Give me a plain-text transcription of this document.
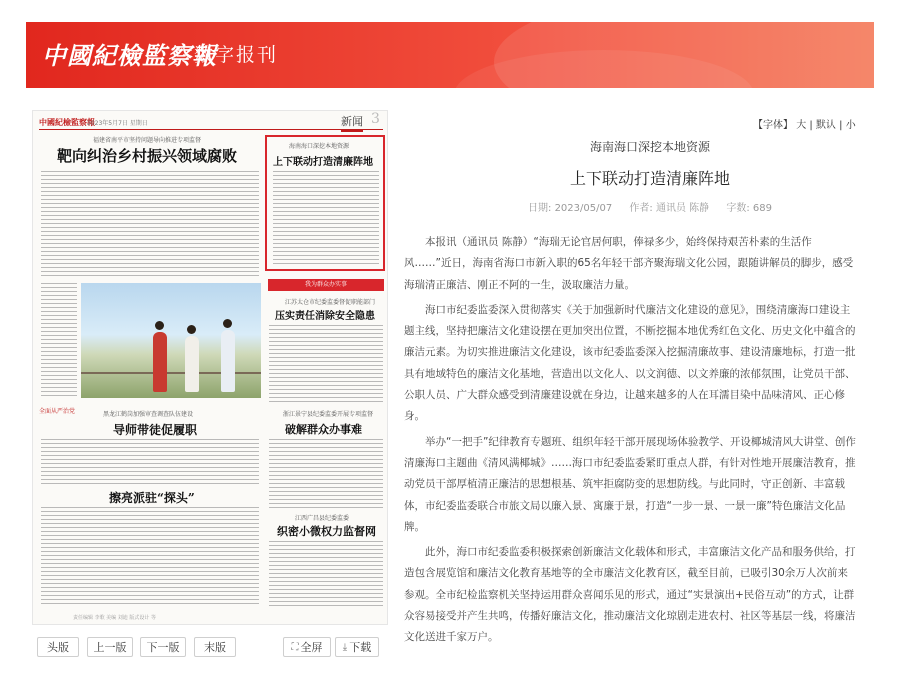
中國紀檢監察報
数字报刊
中國紀檢監察報
2023年5月7日 星期日	新闻 3
福建省南平市坚持问题导向推进专项监督
靶向纠治乡村振兴领域腐败
海南海口深挖本地资源
上下联动打造清廉阵地
我为群众办实事
江苏太仓市纪委监委督促职能部门
压实责任消除安全隐患
全面从严治党	黑龙江鹤岗加强审查调查队伍建设
导师带徒促履职
浙江景宁县纪委监委开展专项监督
破解群众办事难
擦亮派驻“探头”
江西广昌县纪委监委
织密小微权力监督网
责任编辑 李歌 美编 刘迪 版式设计 等
头版	上一版	下一版	末版	⛶ 全屏 ⤓ 下载
【字体】 大 | 默认 | 小
海南海口深挖本地资源
上下联动打造清廉阵地
日期: 2023/05/07 作者: 通讯员 陈静 字数: 689

本报讯（通讯员 陈静）“海瑞无论官居何职，俸禄多少，始终保持艰苦朴素的生活作风……”近日，海南省海口市新入职的65名年轻干部齐聚海瑞文化公园，跟随讲解员的脚步，感受海瑞清正廉洁、刚正不阿的一生，汲取廉洁力量。

海口市纪委监委深入贯彻落实《关于加强新时代廉洁文化建设的意见》，围绕清廉海口建设主题主线，坚持把廉洁文化建设摆在更加突出位置，不断挖掘本地优秀红色文化、历史文化中蕴含的廉洁元素。为切实推进廉洁文化建设，该市纪委监委深入挖掘清廉故事、建设清廉地标，打造一批具有地域特色的廉洁文化基地，营造出以文化人、以文润德、以文养廉的浓郁氛围，让党员干部、公职人员、广大群众感受到清廉建设就在身边，让越来越多的人在耳濡目染中品味清风、正心修身。

举办“一把手”纪律教育专题班、组织年轻干部开展现场体验教学、开设椰城清风大讲堂、创作清廉海口主题曲《清风满椰城》……海口市纪委监委紧盯重点人群，有针对性地开展廉洁教育，推动党员干部厚植清正廉洁的思想根基、筑牢拒腐防变的思想防线。与此同时，守正创新、丰富载体，市纪委监委联合市旅文局以廉入景、寓廉于景，打造“一步一景、一景一廉”特色廉洁文化品牌。

此外，海口市纪委监委积极探索创新廉洁文化载体和形式，丰富廉洁文化产品和服务供给，打造包含展览馆和廉洁文化教育基地等的全市廉洁文化教育区，截至目前，已吸引30余万人次前来参观。全市纪检监察机关坚持运用群众喜闻乐见的形式，通过“实景演出+民俗互动”的方式，让群众容易接受并产生共鸣，传播好廉洁文化，推动廉洁文化琼剧走进农村、社区等基层一线，将廉洁文化送进千家万户。
